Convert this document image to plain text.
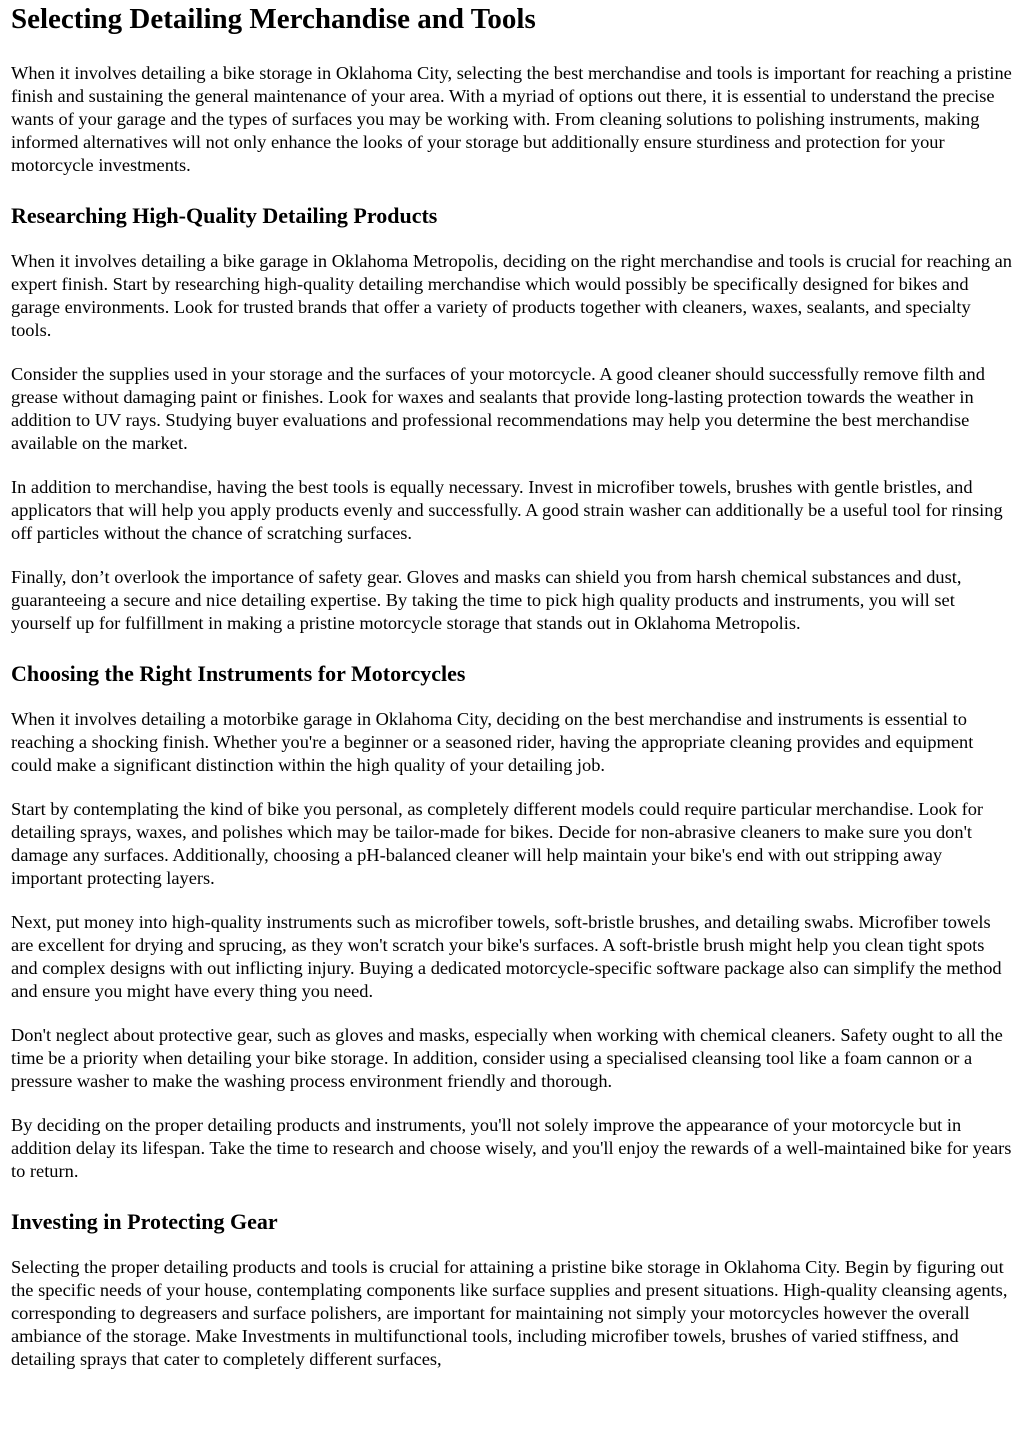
Selecting Detailing Merchandise and Tools

When it involves detailing a bike storage in Oklahoma City, selecting the best merchandise and tools is important for reaching a pristine finish and sustaining the general maintenance of your area. With a myriad of options out there, it is essential to understand the precise wants of your garage and the types of surfaces you may be working with. From cleaning solutions to polishing instruments, making informed alternatives will not only enhance the looks of your storage but additionally ensure sturdiness and protection for your motorcycle investments.

Researching High-Quality Detailing Products

When it involves detailing a bike garage in Oklahoma Metropolis, deciding on the right merchandise and tools is crucial for reaching an expert finish. Start by researching high-quality detailing merchandise which would possibly be specifically designed for bikes and garage environments. Look for trusted brands that offer a variety of products together with cleaners, waxes, sealants, and specialty tools.

Consider the supplies used in your storage and the surfaces of your motorcycle. A good cleaner should successfully remove filth and grease without damaging paint or finishes. Look for waxes and sealants that provide long-lasting protection towards the weather in addition to UV rays. Studying buyer evaluations and professional recommendations may help you determine the best merchandise available on the market.

In addition to merchandise, having the best tools is equally necessary. Invest in microfiber towels, brushes with gentle bristles, and applicators that will help you apply products evenly and successfully. A good strain washer can additionally be a useful tool for rinsing off particles without the chance of scratching surfaces.

Finally, don’t overlook the importance of safety gear. Gloves and masks can shield you from harsh chemical substances and dust, guaranteeing a secure and nice detailing expertise. By taking the time to pick high quality products and instruments, you will set yourself up for fulfillment in making a pristine motorcycle storage that stands out in Oklahoma Metropolis.

Choosing the Right Instruments for Motorcycles

When it involves detailing a motorbike garage in Oklahoma City, deciding on the best merchandise and instruments is essential to reaching a shocking finish. Whether you're a beginner or a seasoned rider, having the appropriate cleaning provides and equipment could make a significant distinction within the high quality of your detailing job.

Start by contemplating the kind of bike you personal, as completely different models could require particular merchandise. Look for detailing sprays, waxes, and polishes which may be tailor-made for bikes. Decide for non-abrasive cleaners to make sure you don't damage any surfaces. Additionally, choosing a pH-balanced cleaner will help maintain your bike's end with out stripping away important protecting layers.

Next, put money into high-quality instruments such as microfiber towels, soft-bristle brushes, and detailing swabs. Microfiber towels are excellent for drying and sprucing, as they won't scratch your bike's surfaces. A soft-bristle brush might help you clean tight spots and complex designs with out inflicting injury. Buying a dedicated motorcycle-specific software package also can simplify the method and ensure you might have every thing you need.

Don't neglect about protective gear, such as gloves and masks, especially when working with chemical cleaners. Safety ought to all the time be a priority when detailing your bike storage. In addition, consider using a specialised cleansing tool like a foam cannon or a pressure washer to make the washing process environment friendly and thorough.

By deciding on the proper detailing products and instruments, you'll not solely improve the appearance of your motorcycle but in addition delay its lifespan. Take the time to research and choose wisely, and you'll enjoy the rewards of a well-maintained bike for years to return.

Investing in Protecting Gear

Selecting the proper detailing products and tools is crucial for attaining a pristine bike storage in Oklahoma City. Begin by figuring out the specific needs of your house, contemplating components like surface supplies and present situations. High-quality cleansing agents, corresponding to degreasers and surface polishers, are important for maintaining not simply your motorcycles however the overall ambiance of the storage. Make Investments in multifunctional tools, including microfiber towels, brushes of varied stiffness, and detailing sprays that cater to completely different surfaces,
